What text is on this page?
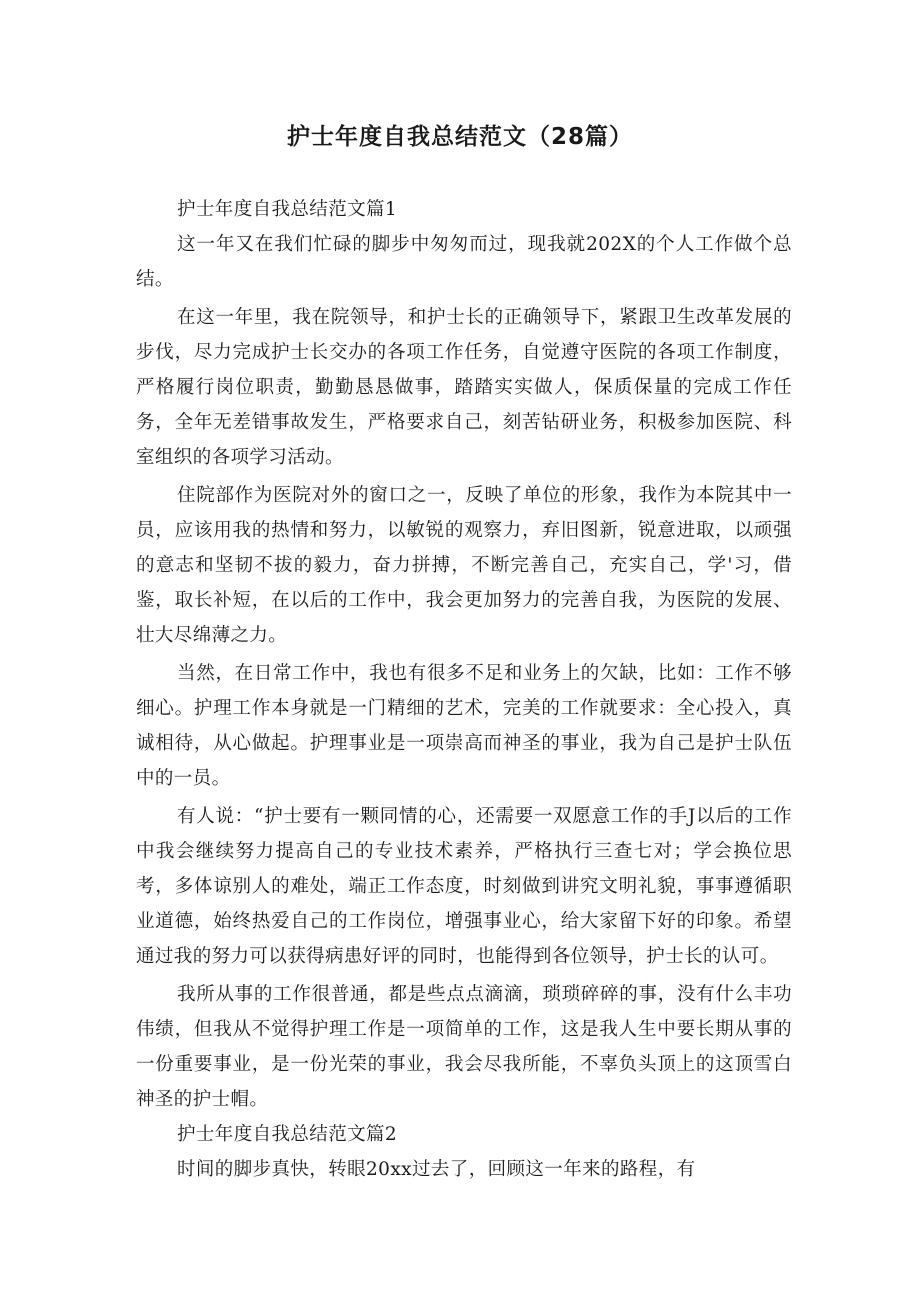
护士年度自我总结范文（28篇）

护士年度自我总结范文篇1

这一年又在我们忙碌的脚步中匆匆而过，现我就202X的个人工作做个总结。

在这一年里，我在院领导，和护士长的正确领导下，紧跟卫生改革发展的步伐，尽力完成护士长交办的各项工作任务，自觉遵守医院的各项工作制度，严格履行岗位职责，勤勤恳恳做事，踏踏实实做人，保质保量的完成工作任务，全年无差错事故发生，严格要求自己，刻苦钻研业务，积极参加医院、科室组织的各项学习活动。

住院部作为医院对外的窗口之一，反映了单位的形象，我作为本院其中一员，应该用我的热情和努力，以敏锐的观察力，弃旧图新，锐意进取，以顽强的意志和坚韧不拔的毅力，奋力拼搏，不断完善自己，充实自己，学'习，借鉴，取长补短，在以后的工作中，我会更加努力的完善自我，为医院的发展、壮大尽绵薄之力。

当然，在日常工作中，我也有很多不足和业务上的欠缺，比如：工作不够细心。护理工作本身就是一门精细的艺术，完美的工作就要求：全心投入，真诚相待，从心做起。护理事业是一项崇高而神圣的事业，我为自己是护士队伍中的一员。

有人说：“护士要有一颗同情的心，还需要一双愿意工作的手J以后的工作中我会继续努力提高自己的专业技术素养，严格执行三查七对；学会换位思考，多体谅别人的难处，端正工作态度，时刻做到讲究文明礼貌，事事遵循职业道德，始终热爱自己的工作岗位，增强事业心，给大家留下好的印象。希望通过我的努力可以获得病患好评的同时，也能得到各位领导，护士长的认可。

我所从事的工作很普通，都是些点点滴滴，琐琐碎碎的事，没有什么丰功伟绩，但我从不觉得护理工作是一项简单的工作，这是我人生中要长期从事的一份重要事业，是一份光荣的事业，我会尽我所能，不辜负头顶上的这顶雪白神圣的护士帽。

护士年度自我总结范文篇2

时间的脚步真快，转眼20xx过去了，回顾这一年来的路程，有
